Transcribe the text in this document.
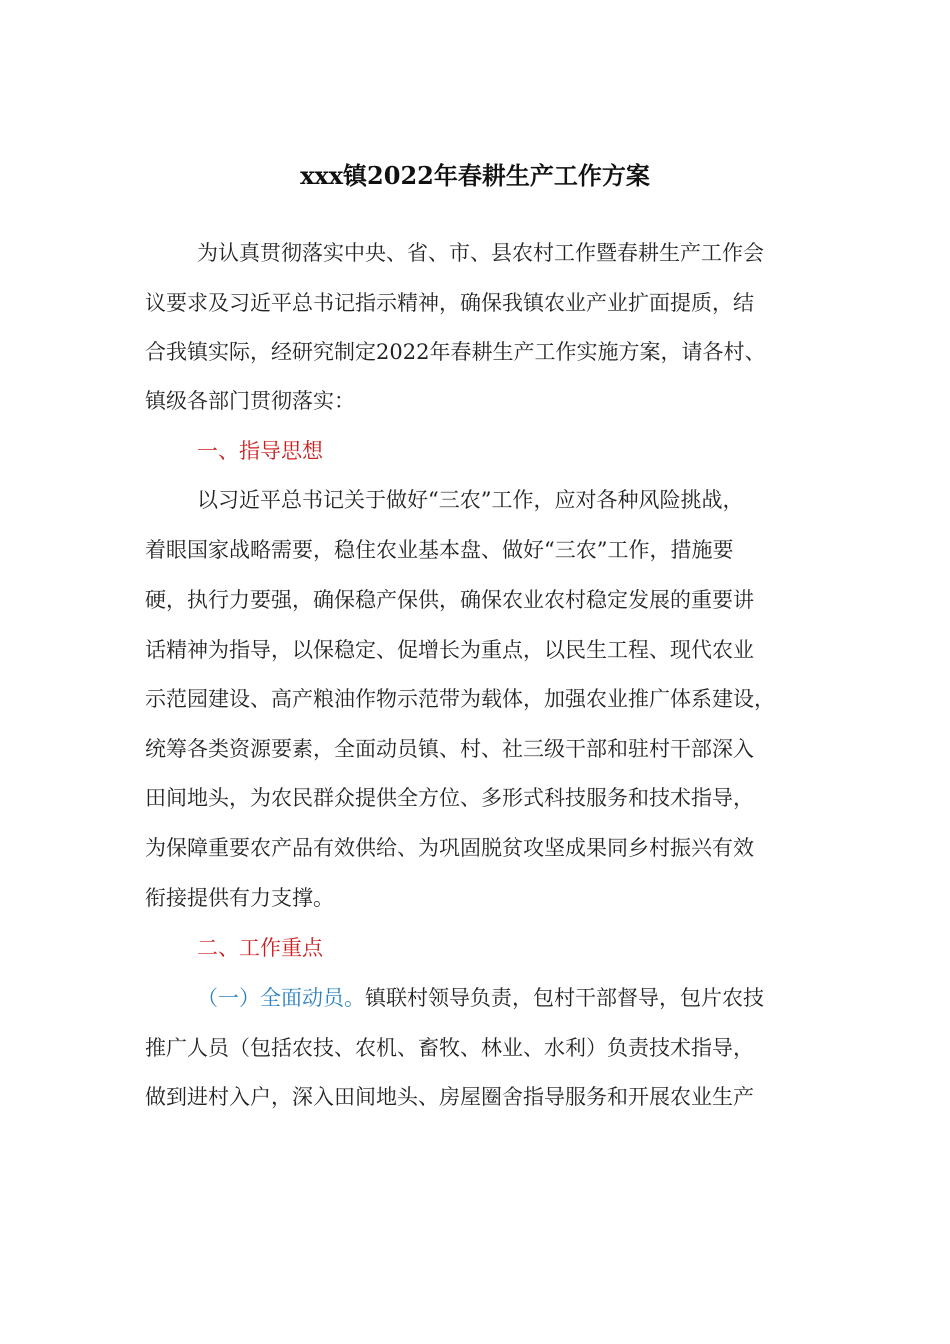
xxx镇2022年春耕生产工作方案
为认真贯彻落实中央、省、市、县农村工作暨春耕生产工作会
议要求及习近平总书记指示精神，确保我镇农业产业扩面提质，结
合我镇实际，经研究制定2022年春耕生产工作实施方案，请各村、
镇级各部门贯彻落实：
一、指导思想
以习近平总书记关于做好“三农”工作，应对各种风险挑战，
着眼国家战略需要，稳住农业基本盘、做好“三农”工作，措施要
硬，执行力要强，确保稳产保供，确保农业农村稳定发展的重要讲
话精神为指导，以保稳定、促增长为重点，以民生工程、现代农业
示范园建设、高产粮油作物示范带为载体，加强农业推广体系建设，
统筹各类资源要素，全面动员镇、村、社三级干部和驻村干部深入
田间地头，为农民群众提供全方位、多形式科技服务和技术指导，
为保障重要农产品有效供给、为巩固脱贫攻坚成果同乡村振兴有效
衔接提供有力支撑。
二、工作重点
（一）全面动员。镇联村领导负责，包村干部督导，包片农技
推广人员（包括农技、农机、畜牧、林业、水利）负责技术指导，
做到进村入户，深入田间地头、房屋圈舍指导服务和开展农业生产
